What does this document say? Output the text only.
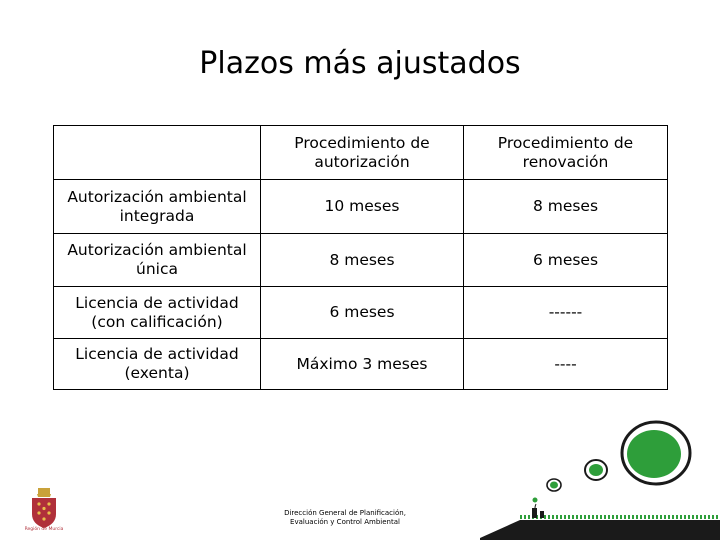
Plazos más ajustados
	Procedimiento de autorización	Procedimiento de renovación
Autorización ambiental integrada	10 meses	8 meses
Autorización ambiental única	8 meses	6 meses
Licencia de actividad (con calificación)	6 meses	------
Licencia de actividad (exenta)	Máximo 3 meses	----
Región de Murcia
Dirección General de Planificación,
Evaluación y Control Ambiental
